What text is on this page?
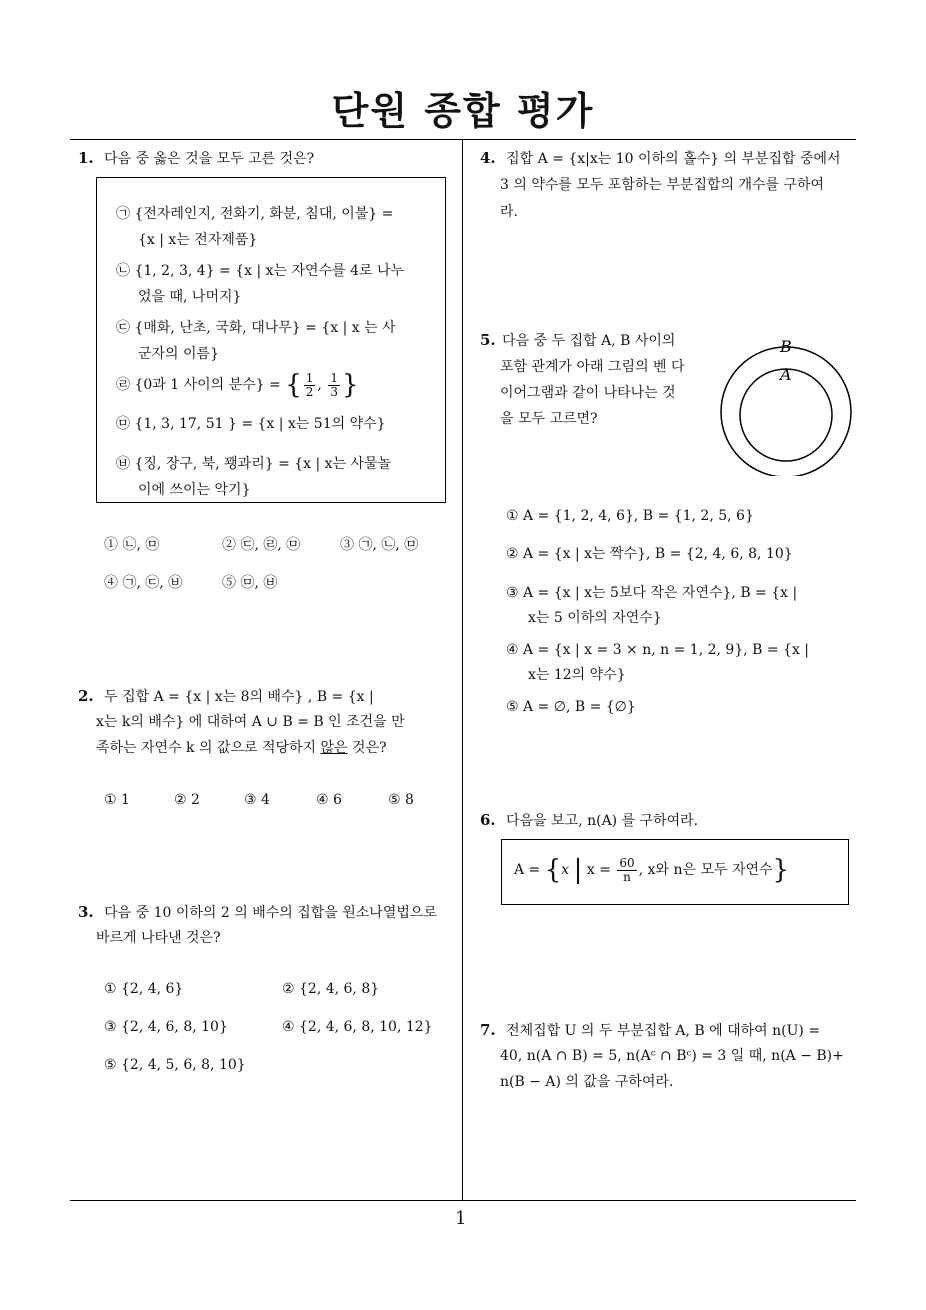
단원 종합 평가
1
1. 다음 중 옳은 것을 모두 고른 것은?
㉠ {전자레인지, 전화기, 화분, 침대, 이불} =
{x | x는 전자제품}
㉡ {1, 2, 3, 4} = {x | x는 자연수를 4로 나누
었을 때, 나머지}
㉢ {매화, 난초, 국화, 대나무} = {x | x 는 사
군자의 이름}
㉣ {0과 1 사이의 분수} = { $\frac{1}{2}$ , $\frac{1}{3}$ }
㉤ {1, 3, 17, 51 } = {x | x는 51의 약수}
㉥ {징, 장구, 북, 꽹과리} = {x | x는 사물놀
이에 쓰이는 악기}
① ㉡, ㉤	② ㉢, ㉣, ㉤	③ ㉠, ㉡, ㉤
④ ㉠, ㉢, ㉥	⑤ ㉤, ㉥
2. 두 집합 A = {x | x는 8의 배수} , B = {x |
x는 k의 배수} 에 대하여 A ∪ B = B 인 조건을 만
족하는 자연수 k 의 값으로 적당하지 않은 것은?
① 1	② 2	③ 4	④ 6	⑤ 8
3. 다음 중 10 이하의 2 의 배수의 집합을 원소나열법으로
바르게 나타낸 것은?
① {2, 4, 6}	② {2, 4, 6, 8}
③ {2, 4, 6, 8, 10}	④ {2, 4, 6, 8, 10, 12}
⑤ {2, 4, 5, 6, 8, 10}
4. 집합 A = {x|x는 10 이하의 홀수} 의 부분집합 중에서
3 의 약수를 모두 포함하는 부분집합의 개수를 구하여
라.
5. 다음 중 두 집합 A, B 사이의
포함 관계가 아래 그림의 벤 다
이어그램과 같이 나타나는 것
을 모두 고르면?
B
A
① A = {1, 2, 4, 6}, B = {1, 2, 5, 6}
② A = {x | x는 짝수}, B = {2, 4, 6, 8, 10}
③ A = {x | x는 5보다 작은 자연수}, B = {x |
x는 5 이하의 자연수}
④ A = {x | x = 3 × n, n = 1, 2, 9}, B = {x |
x는 12의 약수}
⑤ A = ∅, B = {∅}
6. 다음을 보고, n(A) 를 구하여라.
A = {x | $x = \frac{60}{n}$ , x와 n은 모두 자연수}
7. 전체집합 U 의 두 부분집합 A, B 에 대하여 n(U) =
40, n(A ∩ B) = 5, n(Aᶜ ∩ Bᶜ) = 3 일 때, n(A − B)+
n(B − A) 의 값을 구하여라.
